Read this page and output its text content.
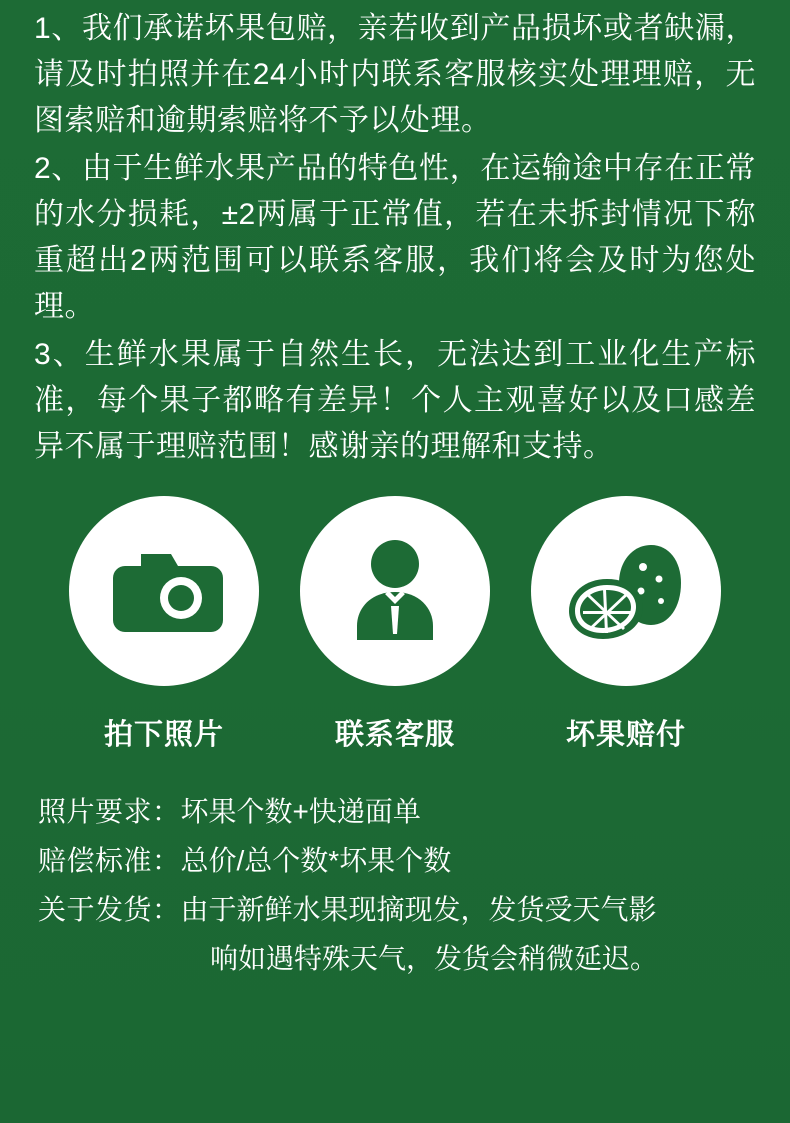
1、我们承诺坏果包赔，亲若收到产品损坏或者缺漏，请及时拍照并在24小时内联系客服核实处理理赔，无图索赔和逾期索赔将不予以处理。

2、由于生鲜水果产品的特色性，在运输途中存在正常的水分损耗，±2两属于正常值，若在未拆封情况下称重超出2两范围可以联系客服，我们将会及时为您处理。

3、生鲜水果属于自然生长，无法达到工业化生产标准，每个果子都略有差异！个人主观喜好以及口感差异不属于理赔范围！感谢亲的理解和支持。

拍下照片	联系客服	坏果赔付

照片要求：坏果个数+快递面单

赔偿标准：总价/总个数*坏果个数

关于发货：由于新鲜水果现摘现发，发货受天气影

响如遇特殊天气，发货会稍微延迟。
